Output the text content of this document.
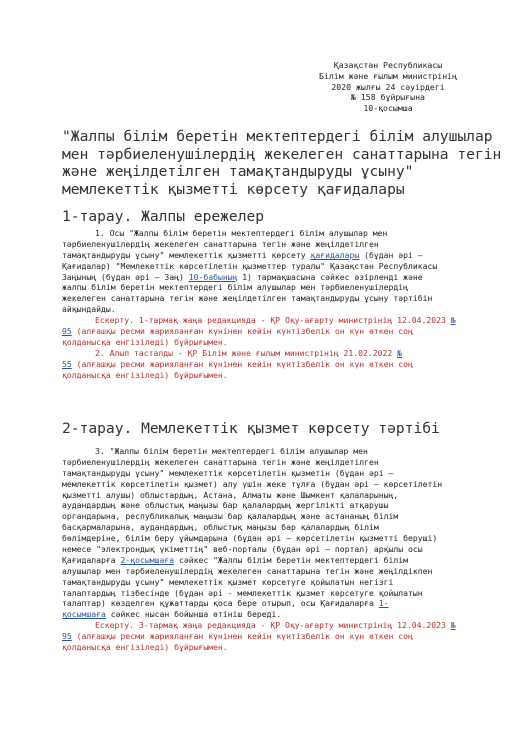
Қазақстан Республикасы
Білім және ғылым министрінің
2020 жылғы 24 сәуірдегі
№ 158 бұйрығына
10-қосымша
"Жалпы білім беретін мектептердегі білім алушылар
мен тәрбиеленушілердің жекелеген санаттарына тегін
және жеңілдетілген тамақтандыруды ұсыну"
мемлекеттік қызметті көрсету қағидалары
1-тарау. Жалпы ережелер
1. Осы "Жалпы білім беретін мектептердегі білім алушылар мен
тәрбиеленушілердің жекелеген санаттарына тегін және жеңілдетілген
тамақтандыруды ұсыну" мемлекеттік қызметті көрсету қағидалары (бұдан әрі –
Қағидалар) "Мемлекеттік көрсетілетін қызметтер туралы" Қазақстан Республикасы
Заңының (бұдан әрі – Заң) 10-бабының 1) тармақшасына сәйкес әзірленді және
жалпы білім беретін мектептердегі білім алушылар мен тәрбиеленушілердің
жекелеген санаттарына тегін және жеңілдетілген тамақтандыруды ұсыну тәртібін
айқындайды.
Ескерту. 1-тармақ жаңа редакцияда - ҚР Оқу-ағарту министрінің 12.04.2023 №
95 (алғашқы ресми жарияланған күнінен кейін күнтізбелік он күн өткен соң
қолданысқа енгізіледі) бұйрығымен.
2. Алып тасталды - ҚР Білім және ғылым министрінің 21.02.2022 №
55 (алғашқы ресми жарияланған күнінен кейін күнтізбелік он күн өткен соң
қолданысқа енгізіледі) бұйрығымен.
2-тарау. Мемлекеттік қызмет көрсету тәртібі
3. "Жалпы білім беретін мектептердегі білім алушылар мен
тәрбиеленушілердің жекелеген санаттарына тегін және жеңілдетілген
тамақтандыруды ұсыну" мемлекеттік көрсетілетін қызметін (бұдан әрі –
мемлекеттік көрсетілетін қызмет) алу үшін жеке тұлға (бұдан әрі – көрсетілетін
қызметті алушы) облыстардың, Астана, Алматы және Шымкент қалаларының,
аудандардың және облыстық маңызы бар қалалардың жергілікті атқарушы
органдарына, республикалық маңызы бар қалалардың және астананың білім
басқармаларына, аудандардың, облыстық маңызы бар қалалардың білім
бөлімдеріне, білім беру ұйымдарына (бұдан әрі – көрсетілетін қызметті беруші)
немесе "электрондық үкіметтің" веб-порталы (бұдан әрі – портал) арқылы осы
Қағидаларға 2-қосымшаға сәйкес "Жалпы білім беретін мектептердегі білім
алушылар мен тәрбиеленушілердің жекелеген санаттарына тегін және жеңілдікпен
тамақтандыруды ұсыну" мемлекеттік қызмет көрсетуге қойылатын негізгі
талаптардың тізбесінде (бұдан әрі - мемлекеттік қызмет көрсетуге қойылатын
талаптар) көзделген құжаттарды қоса бере отырып, осы Қағидаларға 1-
қосымшаға сәйкес нысан бойынша өтініш береді.
Ескерту. 3-тармақ жаңа редакцияда - ҚР Оқу-ағарту министрінің 12.04.2023 №
95 (алғашқы ресми жарияланған күнінен кейін күнтізбелік он күн өткен соң
қолданысқа енгізіледі) бұйрығымен.
